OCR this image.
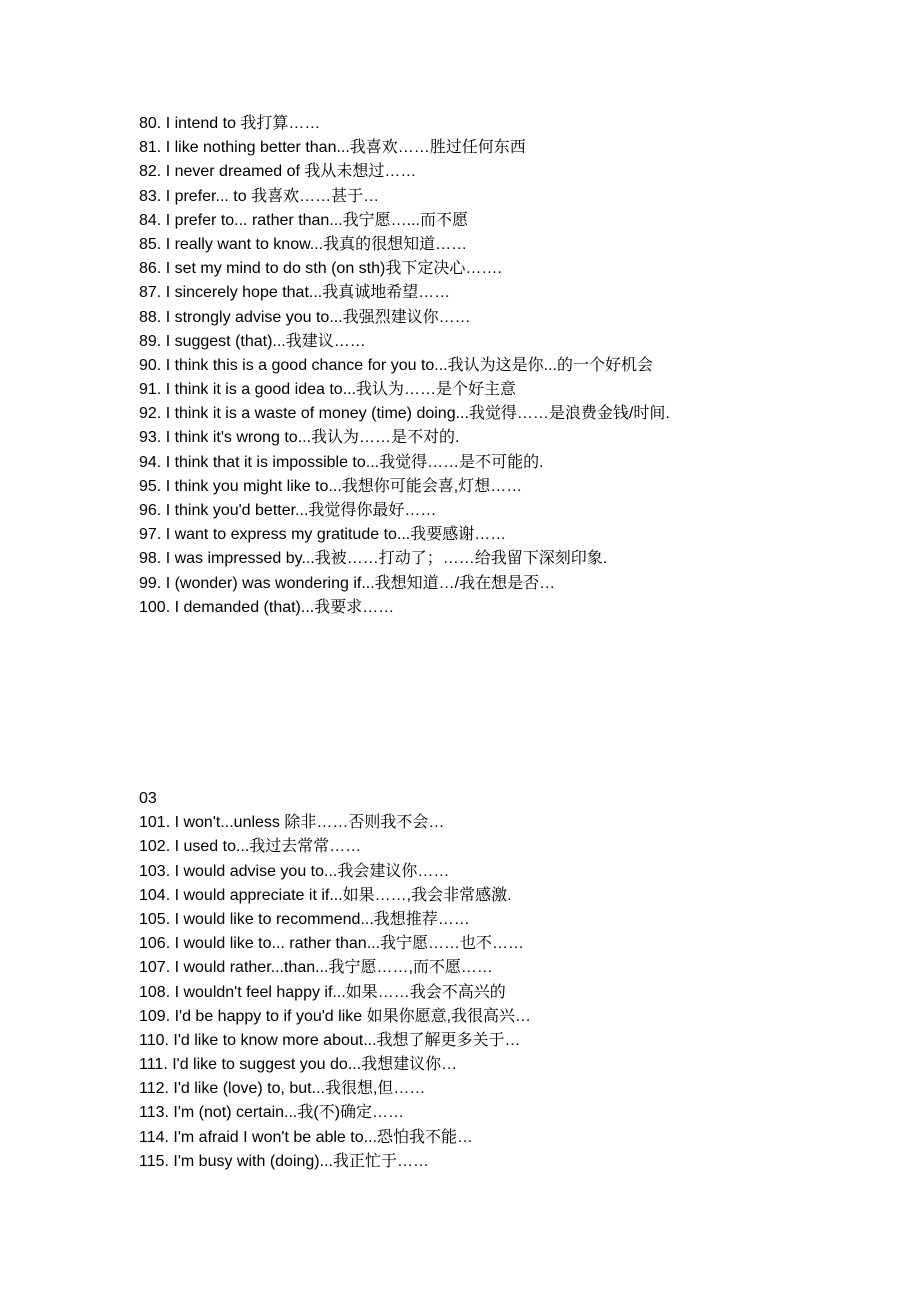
80. I intend to 我打算……
81. I like nothing better than...我喜欢……胜过任何东西
82. I never dreamed of 我从未想过……
83. I prefer... to 我喜欢……甚于…
84. I prefer to... rather than...我宁愿…...而不愿
85. I really want to know...我真的很想知道……
86. I set my mind to do sth (on sth)我下定决心…….
87. I sincerely hope that...我真诚地希望……
88. I strongly advise you to...我强烈建议你……
89. I suggest (that)...我建议……
90. I think this is a good chance for you to...我认为这是你...的一个好机会
91. I think it is a good idea to...我认为……是个好主意
92. I think it is a waste of money (time) doing...我觉得……是浪费金钱/时间.
93. I think it's wrong to...我认为……是不对的.
94. I think that it is impossible to...我觉得……是不可能的.
95. I think you might like to...我想你可能会喜,灯想……
96. I think you'd better...我觉得你最好……
97. I want to express my gratitude to...我要感谢……
98. I was impressed by...我被……打动了；……给我留下深刻印象.
99. I (wonder) was wondering if...我想知道…/我在想是否…
100. I demanded (that)...我要求……
03
101. I won't...unless 除非……否则我不会…
102. I used to...我过去常常……
103. I would advise you to...我会建议你……
104. I would appreciate it if...如果……,我会非常感激.
105. I would like to recommend...我想推荐……
106. I would like to... rather than...我宁愿……也不……
107. I would rather...than...我宁愿……,而不愿……
108. I wouldn't feel happy if...如果……我会不高兴的
109. I'd be happy to if you'd like 如果你愿意,我很高兴…
110. I'd like to know more about...我想了解更多关于…
111. I'd like to suggest you do...我想建议你…
112. I'd like (love) to, but...我很想,但……
113. I'm (not) certain...我(不)确定……
114. I'm afraid I won't be able to...恐怕我不能…
115. I'm busy with (doing)...我正忙于……
